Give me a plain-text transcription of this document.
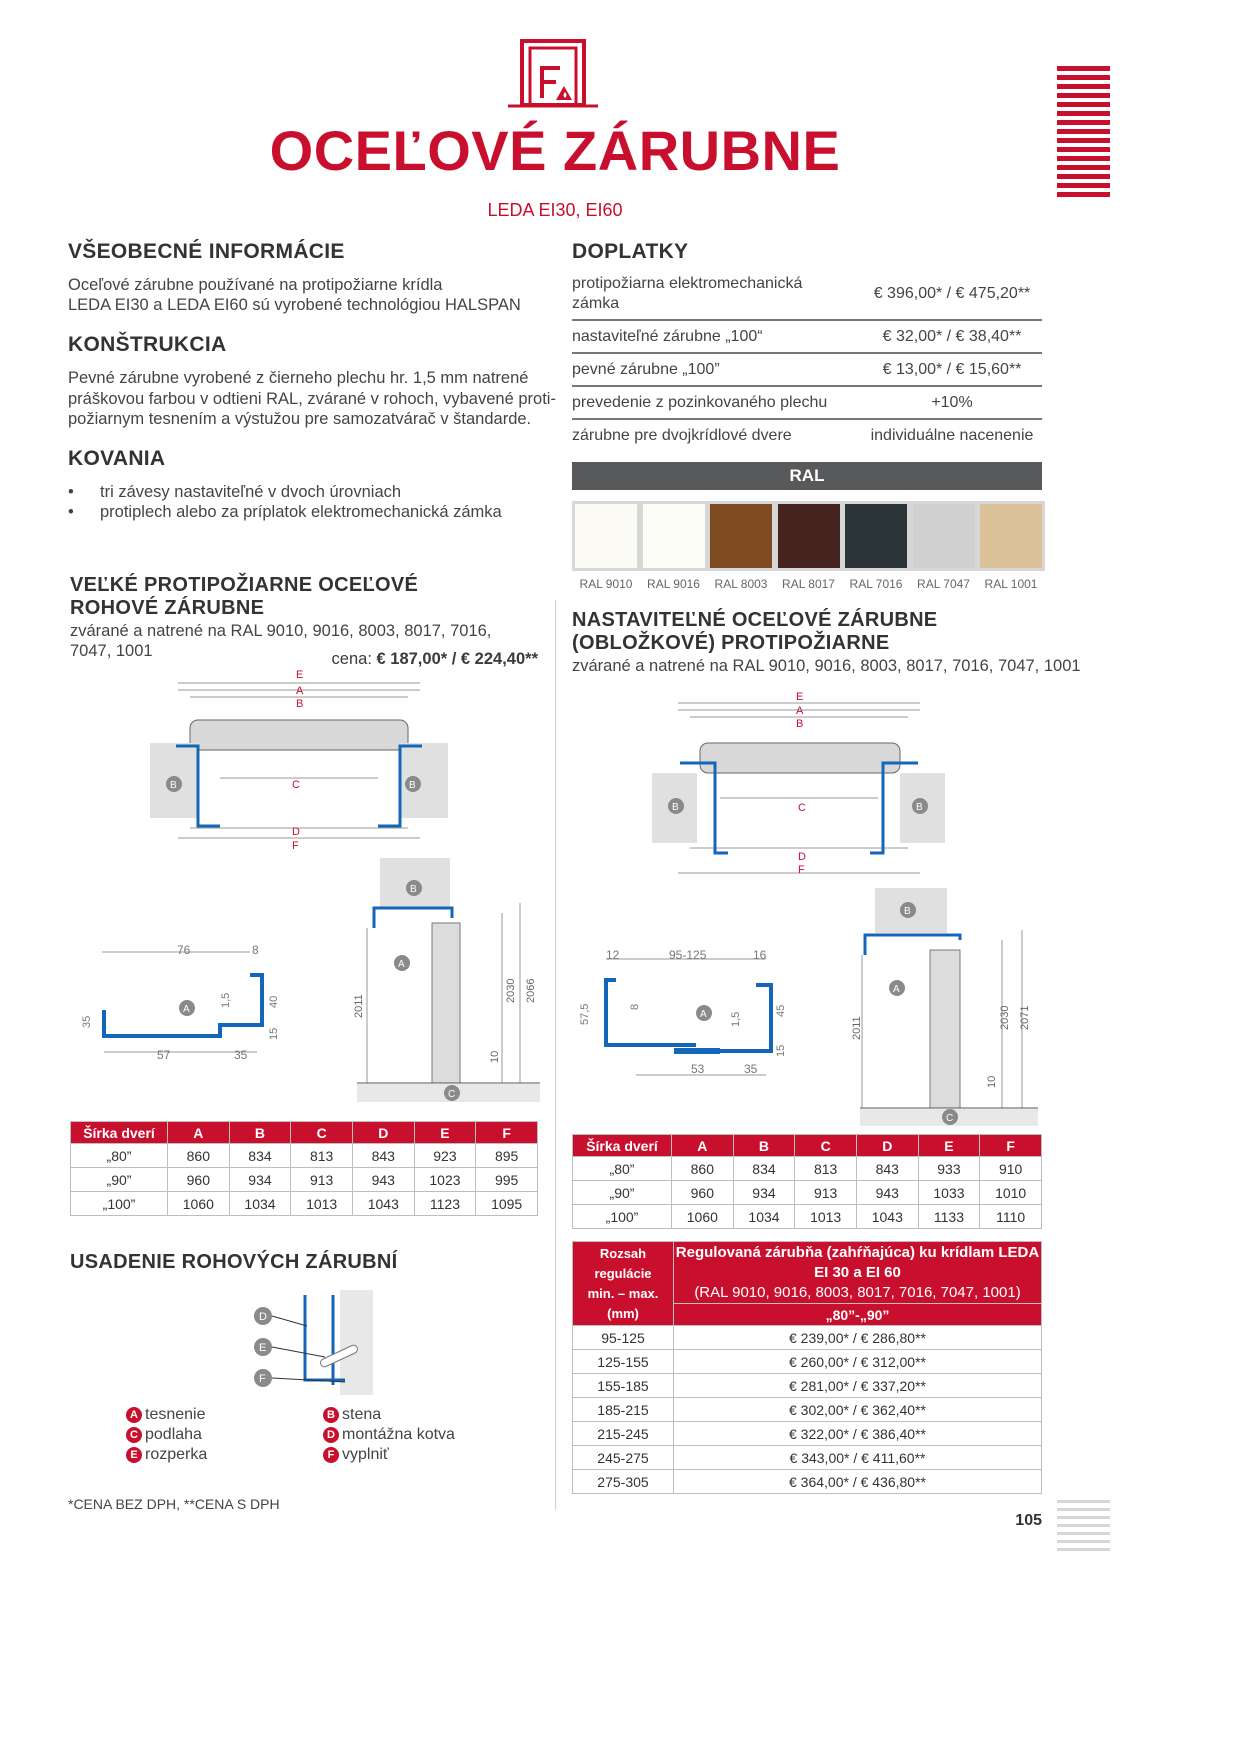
OCEĽOVÉ ZÁRUBNE
LEDA EI30, EI60
VŠEOBECNÉ INFORMÁCIE
Oceľové zárubne používané na protipožiarne krídla
LEDA EI30 a LEDA EI60 sú vyrobené technológiou HALSPAN
KONŠTRUKCIA
Pevné zárubne vyrobené z čierneho plechu hr. 1,5 mm natrené
práškovou farbou v odtieni RAL, zvárané v rohoch, vybavené proti-
požiarnym tesnením a výstužou pre samozatvárač v štandarde.
KOVANIA
• tri závesy nastaviteľné v dvoch úrovniach
• protiplech alebo za príplatok elektromechanická zámka
DOPLATKY
protipožiarna elektromechanická
zámka	€ 396,00* / € 475,20**
nastaviteľné zárubne „100“	€ 32,00* / € 38,40**
pevné zárubne „100”	€ 13,00* / € 15,60**
prevedenie z pozinkovaného plechu	+10%
zárubne pre dvojkrídlové dvere	individuálne nacenenie
RAL
RAL 9010	RAL 9016	RAL 8003	RAL 8017	RAL 7016	RAL 7047	RAL 1001
VEĽKÉ PROTIPOŽIARNE OCEĽOVÉ
ROHOVÉ ZÁRUBNE
zvárané a natrené na RAL 9010, 9016, 8003, 8017, 7016,
7047, 1001	cena: € 187,00* / € 224,40**
E
A
B
C
D
F
B	B
B
A
2011
2030 2066
10
C
76	8
A
1,5	40
35
15
57	35
Šírka dverí	A	B	C	D	E	F
„80”	860	834	813	843	923	895
„90”	960	934	913	943	1023	995
„100”	1060	1034	1013	1043	1123	1095
USADENIE ROHOVÝCH ZÁRUBNÍ
D
E
F
A tesnenie
C podlaha
E rozperka
B stena
D montážna kotva
F vyplniť
*CENA BEZ DPH, **CENA S DPH
105
NASTAVITEĽNÉ OCEĽOVÉ ZÁRUBNE
(OBLOŽKOVÉ) PROTIPOŽIARNE
zvárané a natrené na RAL 9010, 9016, 8003, 8017, 7016, 7047, 1001
E
A
B
C
D
F
B	B
B
A
2011	2030 2071
10
C
12	95-125	16
A
57,5	8
1,5
45
15
53	35
Šírka dverí	A	B	C	D	E	F
„80”	860	834	813	843	933	910
„90”	960	934	913	943	1033	1010
„100”	1060	1034	1013	1043	1133	1110
Rozsah
regulácie
min. – max. (mm)	Regulovaná zárubňa (zahŕňajúca) ku krídlam LEDA
EI 30 a EI 60
(RAL 9010, 9016, 8003, 8017, 7016, 7047, 1001)
	„80”-„90”
95-125	€ 239,00* / € 286,80**
125-155	€ 260,00* / € 312,00**
155-185	€ 281,00* / € 337,20**
185-215	€ 302,00* / € 362,40**
215-245	€ 322,00* / € 386,40**
245-275	€ 343,00* / € 411,60**
275-305	€ 364,00* / € 436,80**
